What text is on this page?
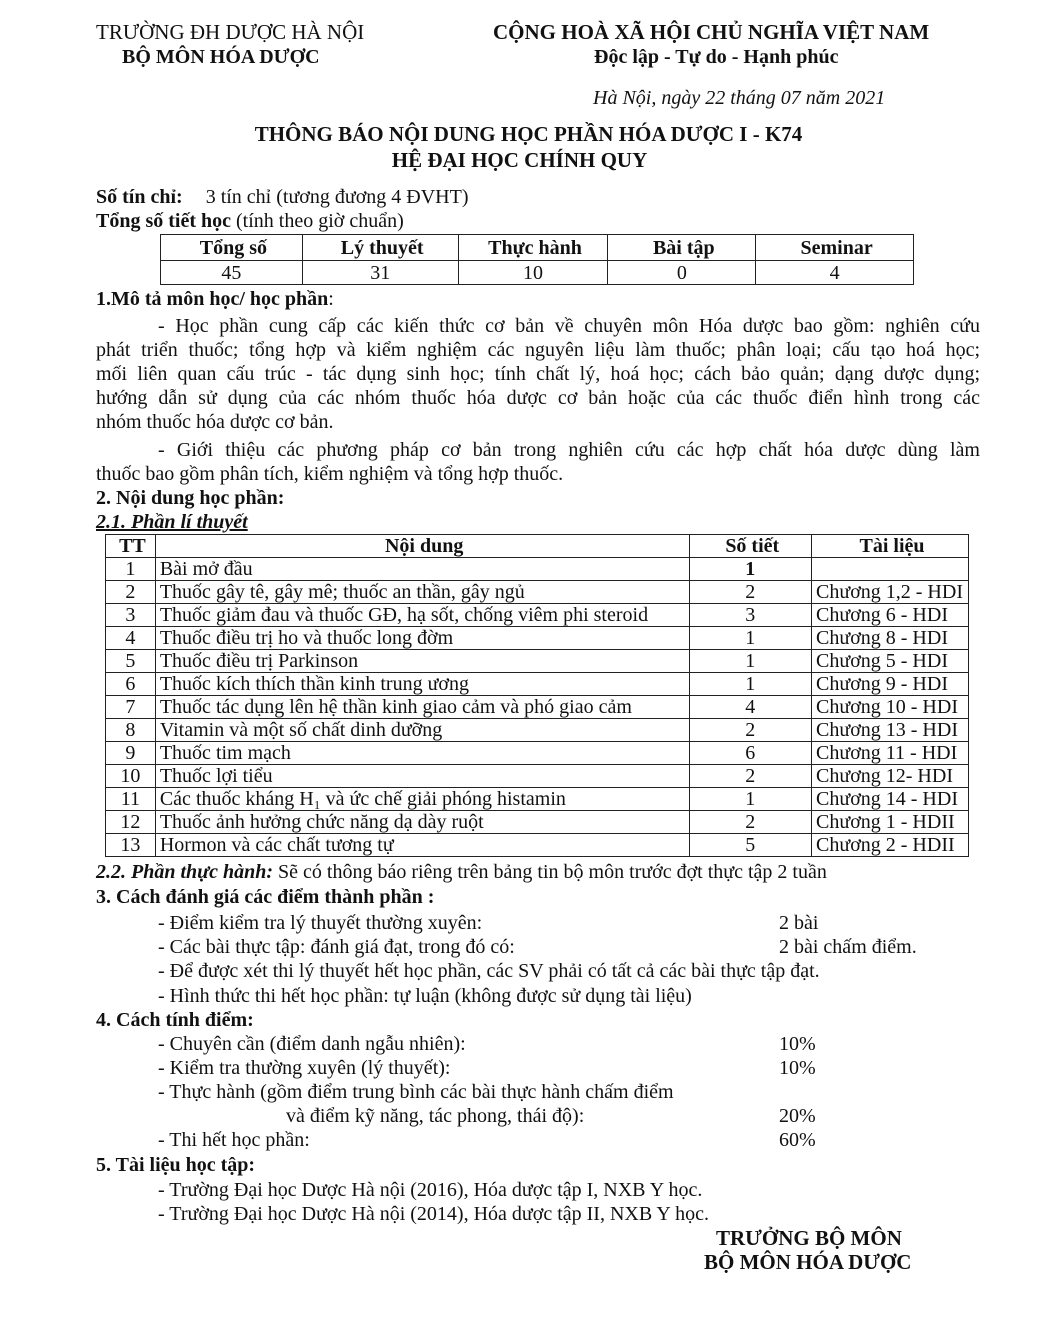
TRƯỜNG ĐH DƯỢC HÀ NỘI
BỘ MÔN HÓA DƯỢC
CỘNG HOÀ XÃ HỘI CHỦ NGHĨA VIỆT NAM
Độc lập - Tự do - Hạnh phúc
Hà Nội, ngày 22 tháng 07 năm 2021
THÔNG BÁO NỘI DUNG HỌC PHẦN HÓA DƯỢC I - K74
HỆ ĐẠI HỌC CHÍNH QUY
Số tín chỉ: 3 tín chỉ (tương đương 4 ĐVHT)
Tổng số tiết học (tính theo giờ chuẩn)
Tổng số	Lý thuyết	Thực hành	Bài tập	Seminar
45	31	10	0	4
1.Mô tả môn học/ học phần:
- Học phần cung cấp các kiến thức cơ bản về chuyên môn Hóa dược bao gồm: nghiên cứu
phát triển thuốc; tổng hợp và kiểm nghiệm các nguyên liệu làm thuốc; phân loại; cấu tạo hoá học;
mối liên quan cấu trúc - tác dụng sinh học; tính chất lý, hoá học; cách bảo quản; dạng dược dụng;
hướng dẫn sử dụng của các nhóm thuốc hóa dược cơ bản hoặc của các thuốc điển hình trong các
nhóm thuốc hóa dược cơ bản.
- Giới thiệu các phương pháp cơ bản trong nghiên cứu các hợp chất hóa dược dùng làm
thuốc bao gồm phân tích, kiểm nghiệm và tổng hợp thuốc.
2. Nội dung học phần:
2.1. Phần lí thuyết
TT	Nội dung	Số tiết	Tài liệu
1	Bài mở đầu	1	
2	Thuốc gây tê, gây mê; thuốc an thần, gây ngủ	2	Chương 1,2 - HDI
3	Thuốc giảm đau và thuốc GĐ, hạ sốt, chống viêm phi steroid	3	Chương 6 - HDI
4	Thuốc điều trị ho và thuốc long đờm	1	Chương 8 - HDI
5	Thuốc điều trị Parkinson	1	Chương 5 - HDI
6	Thuốc kích thích thần kinh trung ương	1	Chương 9 - HDI
7	Thuốc tác dụng lên hệ thần kinh giao cảm và phó giao cảm	4	Chương 10 - HDI
8	Vitamin và một số chất dinh dưỡng	2	Chương 13 - HDI
9	Thuốc tim mạch	6	Chương 11 - HDI
10	Thuốc lợi tiểu	2	Chương 12- HDI
11	Các thuốc kháng H₁ và ức chế giải phóng histamin	1	Chương 14 - HDI
12	Thuốc ảnh hưởng chức năng dạ dày ruột	2	Chương 1 - HDII
13	Hormon và các chất tương tự	5	Chương 2 - HDII
2.2. Phần thực hành: Sẽ có thông báo riêng trên bảng tin bộ môn trước đợt thực tập 2 tuần
3. Cách đánh giá các điểm thành phần :
- Điểm kiểm tra lý thuyết thường xuyên:	2 bài
- Các bài thực tập: đánh giá đạt, trong đó có:	2 bài chấm điểm.
- Để được xét thi lý thuyết hết học phần, các SV phải có tất cả các bài thực tập đạt.
- Hình thức thi hết học phần: tự luận (không được sử dụng tài liệu)
4. Cách tính điểm:
- Chuyên cần (điểm danh ngẫu nhiên):	10%
- Kiểm tra thường xuyên (lý thuyết):	10%
- Thực hành (gồm điểm trung bình các bài thực hành chấm điểm
và điểm kỹ năng, tác phong, thái độ):	20%
- Thi hết học phần:	60%
5. Tài liệu học tập:
- Trường Đại học Dược Hà nội (2016), Hóa dược tập I, NXB Y học.
- Trường Đại học Dược Hà nội (2014), Hóa dược tập II, NXB Y học.
TRƯỞNG BỘ MÔN
BỘ MÔN HÓA DƯỢC
